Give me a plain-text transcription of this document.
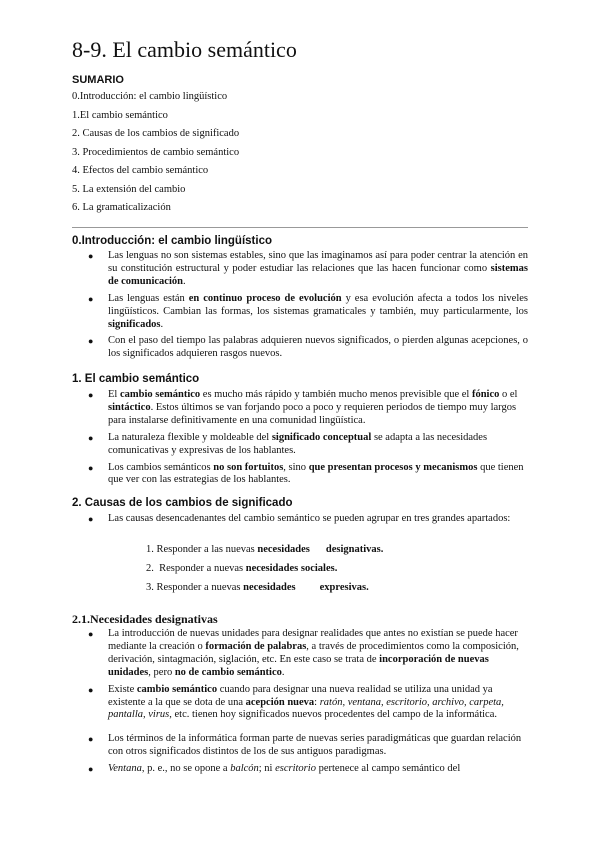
8-9. El cambio semántico
SUMARIO
0.Introducción: el cambio lingüístico
1.El cambio semántico
2. Causas de los cambios de significado
3. Procedimientos de cambio semántico
4. Efectos del cambio semántico
5. La extensión del cambio
6. La gramaticalización
0.Introducción: el cambio lingüístico
● Las lenguas no son sistemas estables, sino que las imaginamos así para poder centrar la atención en su constitución estructural y poder estudiar las relaciones que las hacen funcionar como sistemas de comunicación.
● Las lenguas están en continuo proceso de evolución y esa evolución afecta a todos los niveles lingüísticos. Cambian las formas, los sistemas gramaticales y también, muy particularmente, los significados.
● Con el paso del tiempo las palabras adquieren nuevos significados, o pierden algunas acepciones, o los significados adquieren rasgos nuevos.
1. El cambio semántico
● El cambio semántico es mucho más rápido y también mucho menos previsible que el fónico o el sintáctico. Estos últimos se van forjando poco a poco y requieren periodos de tiempo muy largos para instalarse definitivamente en una comunidad lingüística.
● La naturaleza flexible y moldeable del significado conceptual se adapta a las necesidades comunicativas y expresivas de los hablantes.
● Los cambios semánticos no son fortuitos, sino que presentan procesos y mecanismos que tienen que ver con las estrategias de los hablantes.
2. Causas de los cambios de significado
● Las causas desencadenantes del cambio semántico se pueden agrupar en tres grandes apartados:
1. Responder a las nuevas necesidades designativas.
2. Responder a nuevas necesidades sociales.
3. Responder a nuevas necesidades expresivas.
2.1.Necesidades designativas
● La introducción de nuevas unidades para designar realidades que antes no existían se puede hacer mediante la creación o formación de palabras, a través de procedimientos como la composición, derivación, sintagmación, siglación, etc. En este caso se trata de incorporación de nuevas unidades, pero no de cambio semántico.
● Existe cambio semántico cuando para designar una nueva realidad se utiliza una unidad ya existente a la que se dota de una acepción nueva: ratón, ventana, escritorio, archivo, carpeta, pantalla, virus, etc. tienen hoy significados nuevos procedentes del campo de la informática.
● Los términos de la informática forman parte de nuevas series paradigmáticas que guardan relación con otros significados distintos de los de sus antiguos paradigmas.
● Ventana, p. e., no se opone a balcón; ni escritorio pertenece al campo semántico del
